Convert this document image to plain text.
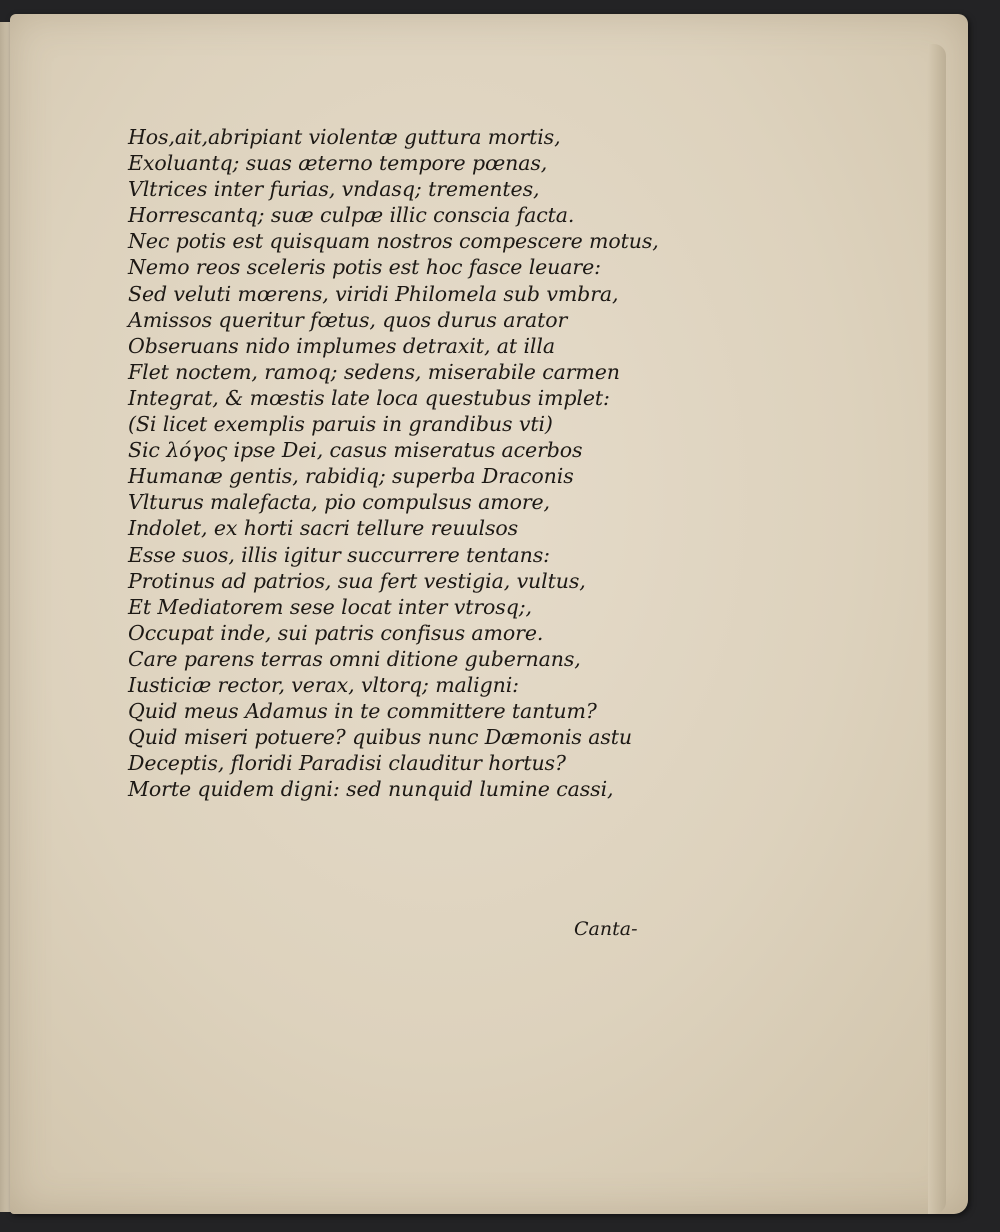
Hos,ait,abripiant violentæ guttura mortis,
Exoluantq; suas æterno tempore pœnas,
Vltrices inter furias, vndasq; trementes,
Horrescantq; suæ culpæ illic conscia facta.
Nec potis est quisquam nostros compescere motus,
Nemo reos sceleris potis est hoc fasce leuare:
Sed veluti mœrens, viridi Philomela sub vmbra,
Amissos queritur fœtus, quos durus arator
Obseruans nido implumes detraxit, at illa
Flet noctem, ramoq; sedens, miserabile carmen
Integrat, & mœstis late loca questubus implet:
(Si licet exemplis paruis in grandibus vti)
Sic λόγος ipse Dei, casus miseratus acerbos
Humanæ gentis, rabidiq; superba Draconis
Vlturus malefacta, pio compulsus amore,
Indolet, ex horti sacri tellure reuulsos
Esse suos, illis igitur succurrere tentans:
Protinus ad patrios, sua fert vestigia, vultus,
Et Mediatorem sese locat inter vtrosq;,
Occupat inde, sui patris confisus amore.
Care parens terras omni ditione gubernans,
Iusticiæ rector, verax, vltorq; maligni:
Quid meus Adamus in te committere tantum?
Quid miseri potuere? quibus nunc Dæmonis astu
Deceptis, floridi Paradisi clauditur hortus?
Morte quidem digni: sed nunquid lumine cassi,
Canta-
